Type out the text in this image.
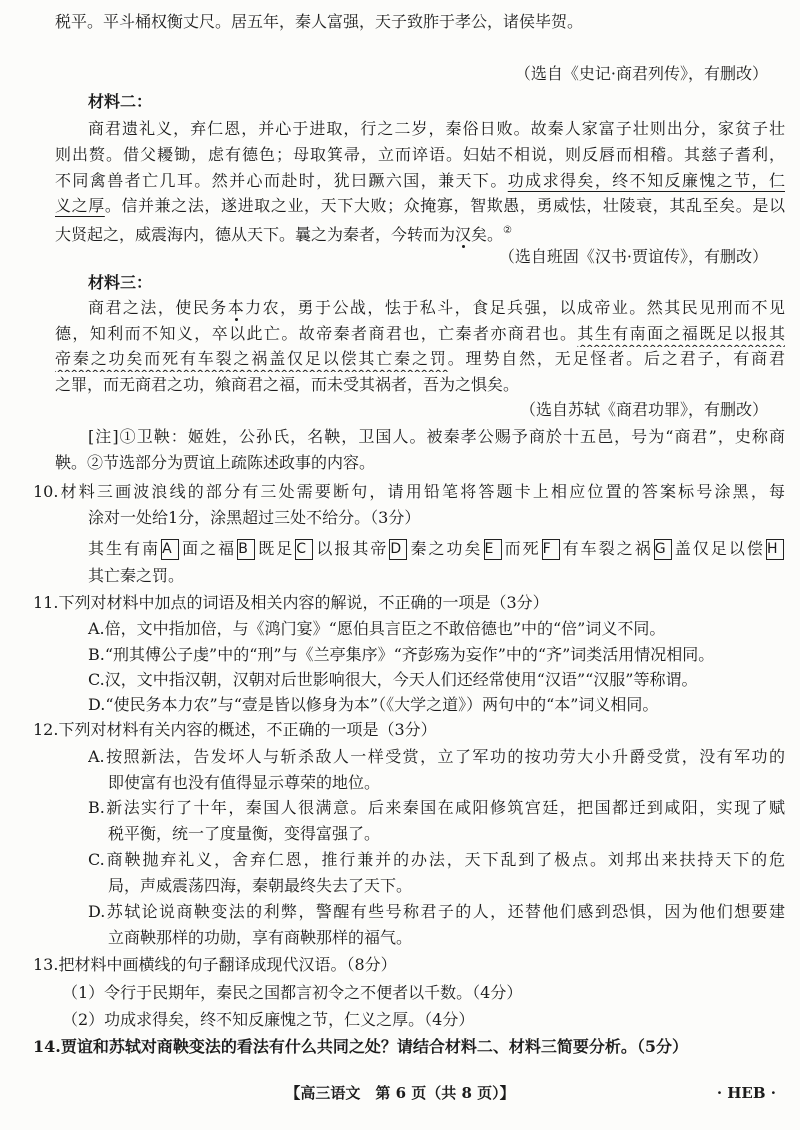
税平。平斗桶权衡丈尺。居五年，秦人富强，天子致胙于孝公，诸侯毕贺。
（选自《史记·商君列传》，有删改）
材料二：
商君遗礼义，弃仁恩，并心于进取，行之二岁，秦俗日败。故秦人家富子壮则出分，家贫子壮
则出赘。借父耰锄，虑有德色；母取箕帚，立而谇语。妇姑不相说，则反唇而相稽。其慈子耆利，
不同禽兽者亡几耳。然并心而赴时，犹曰蹶六国，兼天下。功成求得矣，终不知反廉愧之节，仁
义之厚。信并兼之法，遂进取之业，天下大败；众掩寡，智欺愚，勇威怯，壮陵衰，其乱至矣。是以
大贤起之，威震海内，德从天下。曩之为秦者，今转而为汉矣。②
（选自班固《汉书·贾谊传》，有删改）
材料三：
商君之法，使民务本力农，勇于公战，怯于私斗，食足兵强，以成帝业。然其民见刑而不见
德，知利而不知义，卒以此亡。故帝秦者商君也，亡秦者亦商君也。其生有南面之福既足以报其
帝秦之功矣而死有车裂之祸盖仅足以偿其亡秦之罚。理势自然，无足怪者。后之君子，有商君
之罪，而无商君之功，飨商君之福，而未受其祸者，吾为之惧矣。
（选自苏轼《商君功罪》，有删改）
[注]①卫鞅：姬姓，公孙氏，名鞅，卫国人。被秦孝公赐予商於十五邑，号为“商君”，史称商
鞅。②节选部分为贾谊上疏陈述政事的内容。
10.材料三画波浪线的部分有三处需要断句，请用铅笔将答题卡上相应位置的答案标号涂黑，每
涂对一处给1分，涂黑超过三处不给分。（3分）
其生有南 A 面之福 B 既足 C 以报其帝 D 秦之功矣 E 而死 F 有车裂之祸 G 盖仅足以偿 H
其亡秦之罚。
11.下列对材料中加点的词语及相关内容的解说，不正确的一项是（3分）
A.倍，文中指加倍，与《鸿门宴》“愿伯具言臣之不敢倍德也”中的“倍”词义不同。
B.“刑其傅公子虔”中的“刑”与《兰亭集序》“齐彭殇为妄作”中的“齐”词类活用情况相同。
C.汉，文中指汉朝，汉朝对后世影响很大，今天人们还经常使用“汉语”“汉服”等称谓。
D.“使民务本力农”与“壹是皆以修身为本”（《大学之道》）两句中的“本”词义相同。
12.下列对材料有关内容的概述，不正确的一项是（3分）
A.按照新法，告发坏人与斩杀敌人一样受赏，立了军功的按功劳大小升爵受赏，没有军功的
即使富有也没有值得显示尊荣的地位。
B.新法实行了十年，秦国人很满意。后来秦国在咸阳修筑宫廷，把国都迁到咸阳，实现了赋
税平衡，统一了度量衡，变得富强了。
C.商鞅抛弃礼义，舍弃仁恩，推行兼并的办法，天下乱到了极点。刘邦出来扶持天下的危
局，声威震荡四海，秦朝最终失去了天下。
D.苏轼论说商鞅变法的利弊，警醒有些号称君子的人，还替他们感到恐惧，因为他们想要建
立商鞅那样的功勋，享有商鞅那样的福气。
13.把材料中画横线的句子翻译成现代汉语。（8分）
（1）令行于民期年，秦民之国都言初令之不便者以千数。（4分）
（2）功成求得矣，终不知反廉愧之节，仁义之厚。（4分）
14.贾谊和苏轼对商鞅变法的看法有什么共同之处？请结合材料二、材料三简要分析。（5分）
【高三语文　第 6 页（共 8 页）】	· HEB ·
